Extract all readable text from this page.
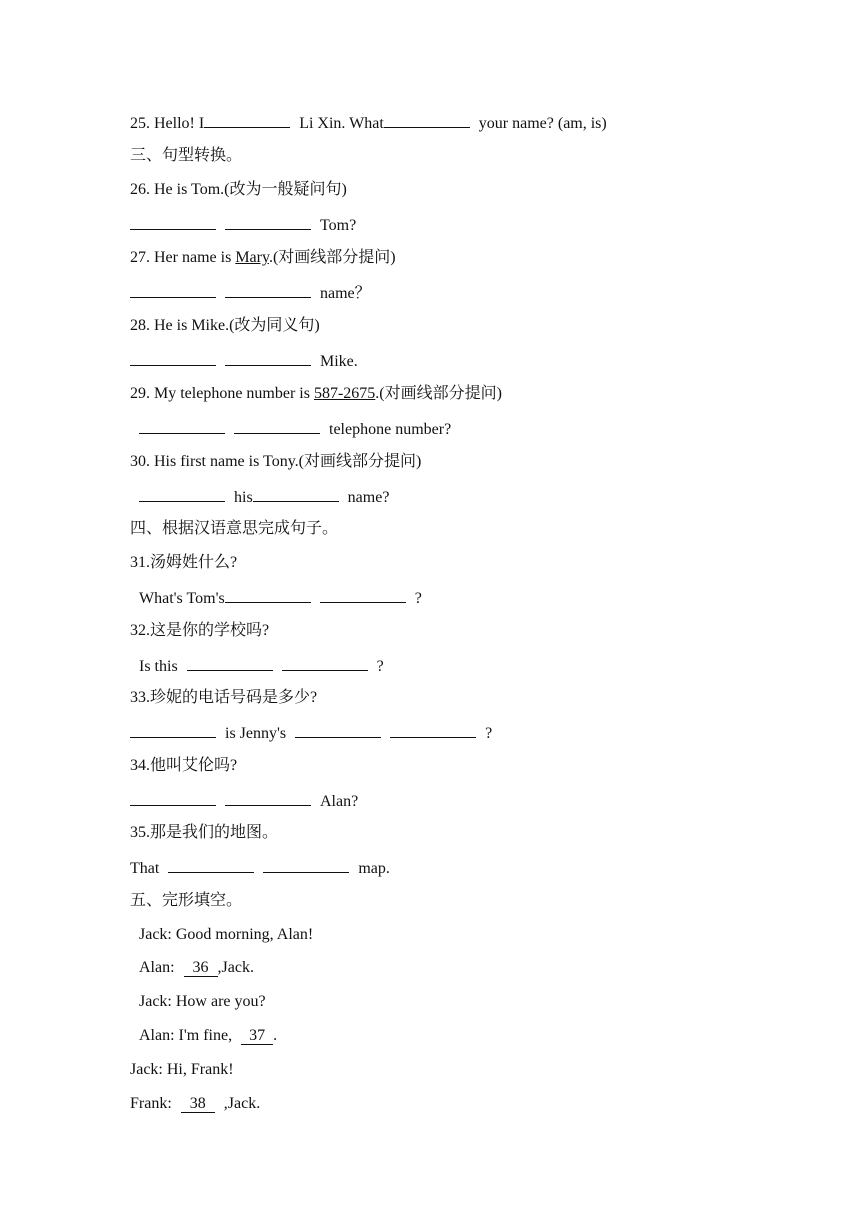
25. Hello! I	Li Xin. What	your name? (am, is)
三、句型转换。
26. He is Tom.(改为一般疑问句)
Tom?
27. Her name is Mary.(对画线部分提问)
name？
28. He is Mike.(改为同义句)
Mike.
29. My telephone number is 587-2675.(对画线部分提问)
telephone number?
30. His first name is Tony.(对画线部分提问)
his	name?
四、根据汉语意思完成句子。
31.汤姆姓什么?
What's Tom's	?
32.这是你的学校吗?
Is this	?
33.珍妮的电话号码是多少?
is Jenny's	?
34.他叫艾伦吗?
Alan?
35.那是我们的地图。
That	map.
五、完形填空。
Jack: Good morning, Alan!
Alan: 36 ,Jack.
Jack: How are you?
Alan: I'm fine, 37 .
Jack: Hi, Frank!
Frank: 38 ,Jack.
